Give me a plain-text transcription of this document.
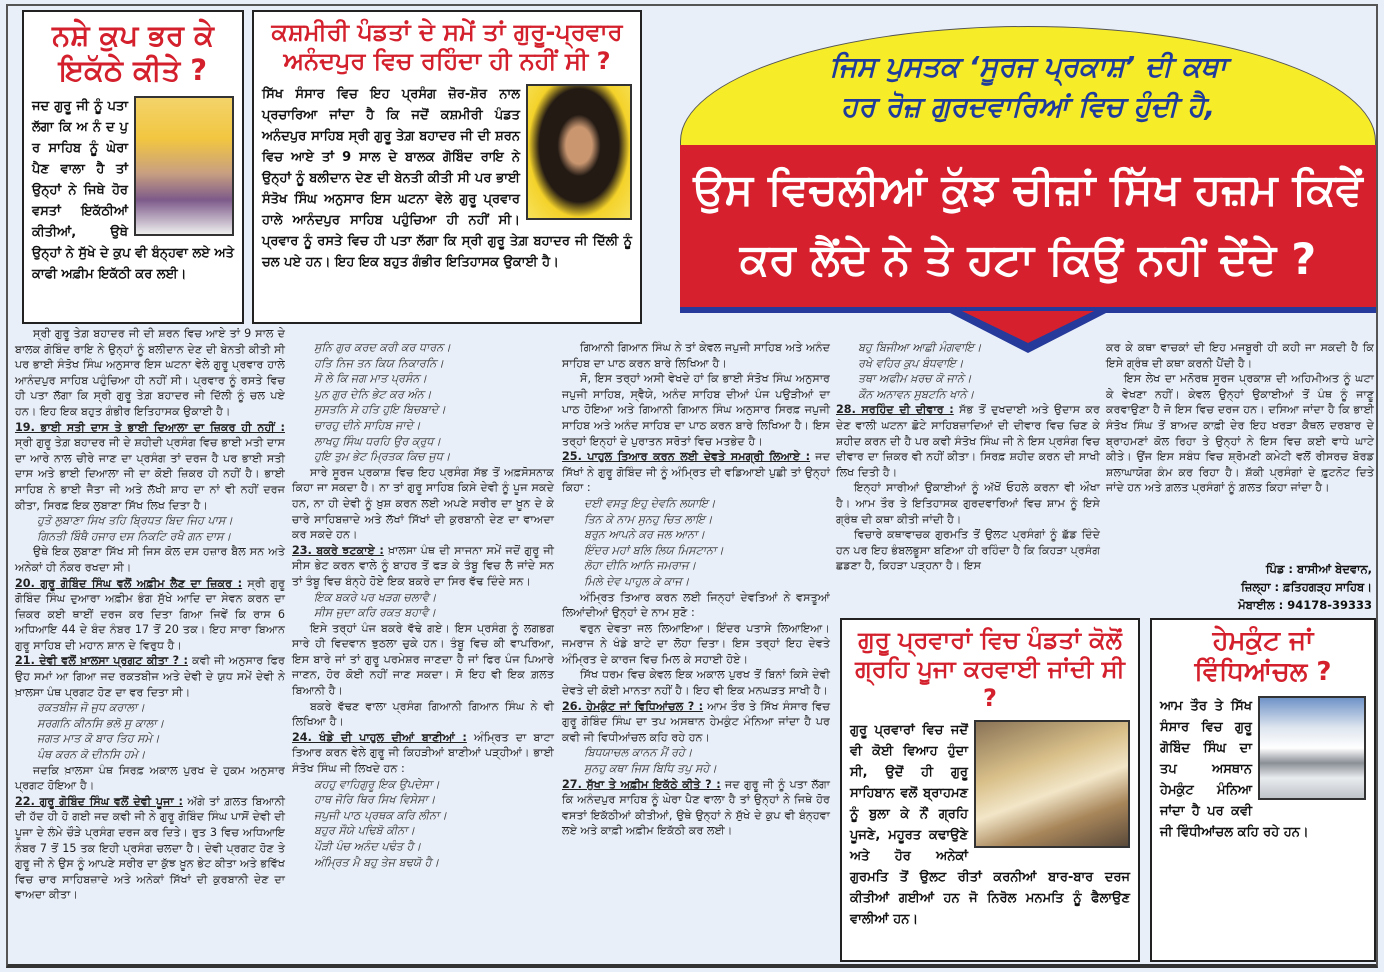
ਨਸ਼ੇ ਕੁਪ ਭਰ ਕੇ ਇਕੱਠੇ ਕੀਤੇ ?

ਜਦ ਗੁਰੂ ਜੀ ਨੂੰ ਪਤਾ ਲੱਗਾ ਕਿ ਅ ਨੰ ਦ ਪੁ ਰ ਸਾਹਿਬ ਨੂੰ ਘੇਰਾ ਪੈਣ ਵਾਲਾ ਹੈ ਤਾਂ ਉਨ੍ਹਾਂ ਨੇ ਜਿਥੇ ਹੋਰ ਵਸਤਾਂ ਇਕੱਠੀਆਂ ਕੀਤੀਆਂ, ਉਥੇ ਉਨ੍ਹਾਂ ਨੇ ਸੁੱਖੇ ਦੇ ਕੁਪ ਵੀ ਬੰਨ੍ਹਵਾ ਲਏ ਅਤੇ ਕਾਫੀ ਅਫ਼ੀਮ ਇਕੱਠੀ ਕਰ ਲਈ।

ਕਸ਼ਮੀਰੀ ਪੰਡਤਾਂ ਦੇ ਸਮੇਂ ਤਾਂ ਗੁਰੂ-ਪ੍ਰਵਾਰ ਅਨੰਦਪੁਰ ਵਿਚ ਰਹਿੰਦਾ ਹੀ ਨਹੀਂ ਸੀ ?

ਸਿੱਖ ਸੰਸਾਰ ਵਿਚ ਇਹ ਪ੍ਰਸੰਗ ਜ਼ੋਰ-ਸ਼ੋਰ ਨਾਲ ਪ੍ਰਚਾਰਿਆ ਜਾਂਦਾ ਹੈ ਕਿ ਜਦੋਂ ਕਸ਼ਮੀਰੀ ਪੰਡਤ ਅਨੰਦਪੁਰ ਸਾਹਿਬ ਸ੍ਰੀ ਗੁਰੂ ਤੇਗ਼ ਬਹਾਦਰ ਜੀ ਦੀ ਸ਼ਰਨ ਵਿਚ ਆਏ ਤਾਂ 9 ਸਾਲ ਦੇ ਬਾਲਕ ਗੋਬਿੰਦ ਰਾਇ ਨੇ ਉਨ੍ਹਾਂ ਨੂੰ ਬਲੀਦਾਨ ਦੇਣ ਦੀ ਬੇਨਤੀ ਕੀਤੀ ਸੀ ਪਰ ਭਾਈ ਸੰਤੋਖ ਸਿੰਘ ਅਨੁਸਾਰ ਇਸ ਘਟਨਾ ਵੇਲੇ ਗੁਰੂ ਪ੍ਰਵਾਰ ਹਾਲੇ ਆਨੰਦਪੁਰ ਸਾਹਿਬ ਪਹੁੰਚਿਆ ਹੀ ਨਹੀਂ ਸੀ। ਪ੍ਰਵਾਰ ਨੂੰ ਰਸਤੇ ਵਿਚ ਹੀ ਪਤਾ ਲੱਗਾ ਕਿ ਸ੍ਰੀ ਗੁਰੂ ਤੇਗ਼ ਬਹਾਦਰ ਜੀ ਦਿੱਲੀ ਨੂੰ ਚਲ ਪਏ ਹਨ। ਇਹ ਇਕ ਬਹੁਤ ਗੰਭੀਰ ਇਤਿਹਾਸਕ ਉਕਾਈ ਹੈ।

ਜਿਸ ਪੁਸਤਕ ‘ਸੂਰਜ ਪ੍ਰਕਾਸ਼’ ਦੀ ਕਥਾ
ਹਰ ਰੋਜ਼ ਗੁਰਦਵਾਰਿਆਂ ਵਿਚ ਹੁੰਦੀ ਹੈ,
ਉਸ ਵਿਚਲੀਆਂ ਕੁੱਝ ਚੀਜ਼ਾਂ ਸਿੱਖ ਹਜ਼ਮ ਕਿਵੇਂ
ਕਰ ਲੈਂਦੇ ਨੇ ਤੇ ਹਟਾ ਕਿਉਂ ਨਹੀਂ ਦੇਂਦੇ ?
ਸ੍ਰੀ ਗੁਰੂ ਤੇਗ਼ ਬਹਾਦਰ ਜੀ ਦੀ ਸ਼ਰਨ ਵਿਚ ਆਏ ਤਾਂ 9 ਸਾਲ ਦੇ ਬਾਲਕ ਗੋਬਿੰਦ ਰਾਇ ਨੇ ਉਨ੍ਹਾਂ ਨੂੰ ਬਲੀਦਾਨ ਦੇਣ ਦੀ ਬੇਨਤੀ ਕੀਤੀ ਸੀ ਪਰ ਭਾਈ ਸੰਤੋਖ ਸਿੰਘ ਅਨੁਸਾਰ ਇਸ ਘਟਨਾ ਵੇਲੇ ਗੁਰੂ ਪ੍ਰਵਾਰ ਹਾਲੇ ਆਨੰਦਪੁਰ ਸਾਹਿਬ ਪਹੁੰਚਿਆ ਹੀ ਨਹੀਂ ਸੀ। ਪ੍ਰਵਾਰ ਨੂੰ ਰਸਤੇ ਵਿਚ ਹੀ ਪਤਾ ਲੱਗਾ ਕਿ ਸ੍ਰੀ ਗੁਰੂ ਤੇਗ਼ ਬਹਾਦਰ ਜੀ ਦਿੱਲੀ ਨੂੰ ਚਲ ਪਏ ਹਨ। ਇਹ ਇਕ ਬਹੁਤ ਗੰਭੀਰ ਇਤਿਹਾਸਕ ਉਕਾਈ ਹੈ।
19. ਭਾਈ ਸਤੀ ਦਾਸ ਤੇ ਭਾਈ ਦਿਆਲਾ ਦਾ ਜ਼ਿਕਰ ਹੀ ਨਹੀਂ : ਸ੍ਰੀ ਗੁਰੂ ਤੇਗ਼ ਬਹਾਦਰ ਜੀ ਦੇ ਸ਼ਹੀਦੀ ਪ੍ਰਸੰਗ ਵਿਚ ਭਾਈ ਮਤੀ ਦਾਸ ਦਾ ਆਰੇ ਨਾਲ ਚੀਰੇ ਜਾਣ ਦਾ ਪ੍ਰਸੰਗ ਤਾਂ ਦਰਜ ਹੈ ਪਰ ਭਾਈ ਸਤੀ ਦਾਸ ਅਤੇ ਭਾਈ ਦਿਆਲਾ ਜੀ ਦਾ ਕੋਈ ਜ਼ਿਕਰ ਹੀ ਨਹੀਂ ਹੈ। ਭਾਈ ਸਾਹਿਬ ਨੇ ਭਾਈ ਜੈਤਾ ਜੀ ਅਤੇ ਲੱਖੀ ਸ਼ਾਹ ਦਾ ਨਾਂ ਵੀ ਨਹੀਂ ਦਰਜ ਕੀਤਾ, ਸਿਰਫ਼ ਇਕ ਲੁਬਾਣਾ ਸਿੱਖ ਲਿਖ ਦਿਤਾ ਹੈ।
ਹੁਤੋ ਲੁਬਾਣਾ ਸਿਖ ਤਹਿ ਬ੍ਰਿਧਤ ਬਿਦ ਜਿਹ ਪਾਸ।
ਗਿਨਤੀ ਬਿੰਥੈ ਹਜਾਰ ਦਸ ਨਿਕਟਿ ਰਖੈ ਗਨ ਦਾਸ।
ਉਥੇ ਇਕ ਲੁਬਾਣਾ ਸਿੱਖ ਸੀ ਜਿਸ ਕੋਲ ਦਸ ਹਜ਼ਾਰ ਬੈਲ ਸਨ ਅਤੇ ਅਨੇਕਾਂ ਹੀ ਨੌਕਰ ਰਖਦਾ ਸੀ।
20. ਗੁਰੂ ਗੋਬਿੰਦ ਸਿੰਘ ਵਲੋਂ ਅਫ਼ੀਮ ਲੈਣ ਦਾ ਜ਼ਿਕਰ : ਸ੍ਰੀ ਗੁਰੂ ਗੋਬਿੰਦ ਸਿੰਘ ਦੁਆਰਾ ਅਫ਼ੀਮ ਭੰਗ ਸੁੱਖੇ ਆਦਿ ਦਾ ਸੇਵਨ ਕਰਨ ਦਾ ਜ਼ਿਕਰ ਕਈ ਥਾਈਂ ਦਰਜ ਕਰ ਦਿਤਾ ਗਿਆ ਜਿਵੇਂ ਕਿ ਰਾਸ 6 ਅਧਿਆਇ 44 ਦੇ ਬੰਦ ਨੰਬਰ 17 ਤੋਂ 20 ਤਕ। ਇਹ ਸਾਰਾ ਬਿਆਨ ਗੁਰੂ ਸਾਹਿਬ ਦੀ ਮਹਾਨ ਸ਼ਾਨ ਦੇ ਵਿਰੁਧ ਹੈ।
21. ਦੇਵੀ ਵਲੋਂ ਖ਼ਾਲਸਾ ਪ੍ਰਗਟ ਕੀਤਾ ? : ਕਵੀ ਜੀ ਅਨੁਸਾਰ ਫਿਰ ਉਹ ਸਮਾਂ ਆ ਗਿਆ ਜਦ ਰਕਤਬੀਜ ਅਤੇ ਦੇਵੀ ਦੇ ਯੁਧ ਸਮੇਂ ਦੇਵੀ ਨੇ ਖ਼ਾਲਸਾ ਪੰਥ ਪ੍ਰਗਟ ਹੋਣ ਦਾ ਵਰ ਦਿਤਾ ਸੀ।
ਰਕਤਬੀਜ ਜੋ ਜੁਧ ਕਰਾਲਾ।
ਸਰਗਨਿ ਕੀਨਸਿ ਭਲੋ ਸੁ ਕਾਲਾ।
ਜਗਤ ਮਾਤ ਕੋ ਬਾਰ ਤਿਹ ਸਮੇ।
ਪੰਥ ਕਰਨ ਕੋ ਦੀਨਸਿ ਹਮੇ।
ਜਦਕਿ ਖ਼ਾਲਸਾ ਪੰਥ ਸਿਰਫ਼ ਅਕਾਲ ਪੁਰਖ ਦੇ ਹੁਕਮ ਅਨੁਸਾਰ ਪ੍ਰਗਟ ਹੋਇਆ ਹੈ।
22. ਗੁਰੂ ਗੋਬਿੰਦ ਸਿੰਘ ਵਲੋਂ ਦੇਵੀ ਪੂਜਾ : ਅੱਗੇ ਤਾਂ ਗ਼ਲਤ ਬਿਆਨੀ ਦੀ ਹੱਦ ਹੀ ਹੋ ਗਈ ਜਦ ਕਵੀ ਜੀ ਨੇ ਗੁਰੂ ਗੋਬਿੰਦ ਸਿੰਘ ਪਾਸੋਂ ਦੇਵੀ ਦੀ ਪੂਜਾ ਦੇ ਲੰਮੇ ਚੌੜੇ ਪ੍ਰਸੰਗ ਦਰਜ ਕਰ ਦਿਤੇ। ਰੁਤ 3 ਵਿਚ ਅਧਿਆਇ ਨੰਬਰ 7 ਤੋਂ 15 ਤਕ ਇਹੀ ਪ੍ਰਸੰਗ ਚਲਦਾ ਹੈ। ਦੇਵੀ ਪ੍ਰਗਟ ਹੋਣ ਤੇ ਗੁਰੂ ਜੀ ਨੇ ਉਸ ਨੂੰ ਆਪਣੇ ਸਰੀਰ ਦਾ ਕੁੱਝ ਖ਼ੂਨ ਭੇਟ ਕੀਤਾ ਅਤੇ ਭਵਿੱਖ ਵਿਚ ਚਾਰ ਸਾਹਿਬਜ਼ਾਦੇ ਅਤੇ ਅਨੇਕਾਂ ਸਿੱਖਾਂ ਦੀ ਕੁਰਬਾਨੀ ਦੇਣ ਦਾ ਵਾਅਦਾ ਕੀਤਾ।
ਸੁਨਿ ਗੁਰ ਕਰਦ ਕਰੀ ਕਰ ਧਾਰਨ।
ਹਤਿ ਨਿਜ ਤਨ ਕਿਯ ਨਿਕਾਰਨਿ।
ਸੋ ਲੇ ਕਿ ਜਗ ਮਾਤ ਪ੍ਰਸੰਨ।
ਪੁਨ ਗੁਰ ਦੇਨਿ ਭੇਟ ਕਰ ਅੰਨ।
ਸੁਸਤਨਿ ਸੇ ਹਤਿ ਹੁਇ ਬਿਚਬਾਦੇ।
ਚਾਰਹੁ ਦੀਨੇ ਸਾਹਿਬ ਜਾਦੇ।
ਲਾਖਹੁ ਸਿੰਘ ਧਰਹਿ ਉਰ ਕ੍ਰੁਧ।
ਹੁਇ ਤੁਮ ਭੇਟ ਮ੍ਰਿਤਕ ਕਿਚ ਜੁਧ।
ਸਾਰੇ ਸੂਰਜ ਪ੍ਰਕਾਸ਼ ਵਿਚ ਇਹ ਪ੍ਰਸੰਗ ਸੱਭ ਤੋਂ ਅਫ਼ਸੋਸਨਾਕ ਕਿਹਾ ਜਾ ਸਕਦਾ ਹੈ। ਨਾ ਤਾਂ ਗੁਰੂ ਸਾਹਿਬ ਕਿਸੇ ਦੇਵੀ ਨੂੰ ਪੂਜ ਸਕਦੇ ਹਨ, ਨਾ ਹੀ ਦੇਵੀ ਨੂੰ ਖ਼ੁਸ਼ ਕਰਨ ਲਈ ਅਪਣੇ ਸਰੀਰ ਦਾ ਖ਼ੂਨ ਦੇ ਕੇ ਚਾਰੇ ਸਾਹਿਬਜ਼ਾਦੇ ਅਤੇ ਲੱਖਾਂ ਸਿੱਖਾਂ ਦੀ ਕੁਰਬਾਨੀ ਦੇਣ ਦਾ ਵਾਅਦਾ ਕਰ ਸਕਦੇ ਹਨ।
23. ਬਕਰੇ ਝਟਕਾਏ : ਖ਼ਾਲਸਾ ਪੰਥ ਦੀ ਸਾਜਨਾ ਸਮੇਂ ਜਦੋਂ ਗੁਰੂ ਜੀ ਸੀਸ ਭੇਟ ਕਰਨ ਵਾਲੇ ਨੂੰ ਬਾਹਰ ਤੋਂ ਫੜ ਕੇ ਤੰਬੂ ਵਿਚ ਲੈ ਜਾਂਦੇ ਸਨ ਤਾਂ ਤੰਬੂ ਵਿਚ ਬੰਨ੍ਹੇ ਹੋਏ ਇਕ ਬਕਰੇ ਦਾ ਸਿਰ ਵੱਢ ਦਿੰਦੇ ਸਨ।
ਇਕ ਬਕਰੇ ਪਰ ਖੜਗ ਚਲਾਵੈ।
ਸੀਸ ਜੁਦਾ ਕਰਿ ਰਕਤ ਬਹਾਵੈ।
ਇਸੇ ਤਰ੍ਹਾਂ ਪੰਜ ਬਕਰੇ ਵੱਢੇ ਗਏ। ਇਸ ਪ੍ਰਸੰਗ ਨੂੰ ਲਗਭਗ ਸਾਰੇ ਹੀ ਵਿਦਵਾਨ ਝੁਠਲਾ ਚੁਕੇ ਹਨ। ਤੰਬੂ ਵਿਚ ਕੀ ਵਾਪਰਿਆ, ਇਸ ਬਾਰੇ ਜਾਂ ਤਾਂ ਗੁਰੂ ਪਰਮੇਸ਼ਰ ਜਾਣਦਾ ਹੈ ਜਾਂ ਫਿਰ ਪੰਜ ਪਿਆਰੇ ਜਾਣਨ, ਹੋਰ ਕੋਈ ਨਹੀਂ ਜਾਣ ਸਕਦਾ। ਸੋ ਇਹ ਵੀ ਇਕ ਗ਼ਲਤ ਬਿਆਨੀ ਹੈ।
ਬਕਰੇ ਵੱਢਣ ਵਾਲਾ ਪ੍ਰਸੰਗ ਗਿਆਨੀ ਗਿਆਨ ਸਿੰਘ ਨੇ ਵੀ ਲਿਖਿਆ ਹੈ।
24. ਖੰਡੇ ਦੀ ਪਾਹੁਲ ਦੀਆਂ ਬਾਣੀਆਂ : ਅੰਮ੍ਰਿਤ ਦਾ ਬਾਟਾ ਤਿਆਰ ਕਰਨ ਵੇਲੇ ਗੁਰੂ ਜੀ ਕਿਹੜੀਆਂ ਬਾਣੀਆਂ ਪੜ੍ਹੀਆਂ। ਭਾਈ ਸੰਤੋਖ ਸਿੰਘ ਜੀ ਲਿਖਦੇ ਹਨ :
ਕਹਹੁ ਵਾਹਿਗੁਰੂ ਇਕ ਉਪਦੇਸਾ।
ਹਾਥ ਜੋਰਿ ਥਿਰ ਸਿਖ ਵਿਸੇਸਾ।
ਜਪੁਜੀ ਪਾਠ ਪ੍ਰਥਕ ਕਰਿ ਲੀਨਾ।
ਬਹੁਰ ਸੌਯੇ ਪਢਿਬੋ ਕੀਨਾ।
ਪੌੜੀ ਪੰਚ ਅਨੰਦ ਪਢੰਤ ਹੈ।
ਅੰਮ੍ਰਿਤ ਮੈ ਬਹੁ ਤੇਜ ਬਢਯੋ ਹੈ।
ਗਿਆਨੀ ਗਿਆਨ ਸਿੰਘ ਨੇ ਤਾਂ ਕੇਵਲ ਜਪੁਜੀ ਸਾਹਿਬ ਅਤੇ ਅਨੰਦ ਸਾਹਿਬ ਦਾ ਪਾਠ ਕਰਨ ਬਾਰੇ ਲਿਖਿਆ ਹੈ।
ਸੋ, ਇਸ ਤਰ੍ਹਾਂ ਅਸੀ ਵੇਖਦੇ ਹਾਂ ਕਿ ਭਾਈ ਸੰਤੋਖ ਸਿੰਘ ਅਨੁਸਾਰ ਜਪੁਜੀ ਸਾਹਿਬ, ਸ੍ਵੈਯੇ, ਅਨੰਦ ਸਾਹਿਬ ਦੀਆਂ ਪੰਜ ਪਉੜੀਆਂ ਦਾ ਪਾਠ ਹੋਇਆ ਅਤੇ ਗਿਆਨੀ ਗਿਆਨ ਸਿੰਘ ਅਨੁਸਾਰ ਸਿਰਫ਼ ਜਪੁਜੀ ਸਾਹਿਬ ਅਤੇ ਅਨੰਦ ਸਾਹਿਬ ਦਾ ਪਾਠ ਕਰਨ ਬਾਰੇ ਲਿਖਿਆ ਹੈ। ਇਸ ਤਰ੍ਹਾਂ ਇਨ੍ਹਾਂ ਦੇ ਪੁਰਾਤਨ ਸਰੋਤਾਂ ਵਿਚ ਮਤਭੇਦ ਹੈ।
25. ਪਾਹੁਲ ਤਿਆਰ ਕਰਨ ਲਈ ਦੇਵਤੇ ਸਮਗ੍ਰੀ ਲਿਆਏ : ਜਦ ਸਿੱਖਾਂ ਨੇ ਗੁਰੂ ਗੋਬਿੰਦ ਜੀ ਨੂੰ ਅੰਮ੍ਰਿਤ ਦੀ ਵਡਿਆਈ ਪੁਛੀ ਤਾਂ ਉਨ੍ਹਾਂ ਕਿਹਾ :
ਦਈ ਵਸਤੁ ਇਹੁ ਦੇਵਨਿ ਲਯਾਇ।
ਤਿਨ ਕੇ ਨਾਮ ਸੁਨਹੁ ਚਿਤ ਲਾਇ।
ਬਰੁਨ ਆਪਨੇ ਕਰ ਜਲ ਆਨਾ।
ਇੰਦਰ ਮਹਾਂ ਬਲਿ ਲਿਯ ਮਿਸਟਾਨਾ।
ਲੋਹਾ ਦੀਨਿ ਆਨਿ ਜਮਰਾਜ।
ਮਿਲੇ ਦੇਵ ਪਾਹੁਲ ਕੇ ਕਾਜ।
ਅੰਮ੍ਰਿਤ ਤਿਆਰ ਕਰਨ ਲਈ ਜਿਨ੍ਹਾਂ ਦੇਵਤਿਆਂ ਨੇ ਵਸਤੂਆਂ ਲਿਆਂਦੀਆਂ ਉਨ੍ਹਾਂ ਦੇ ਨਾਮ ਸੁਣੋ :
ਵਰੁਨ ਦੇਵਤਾ ਜਲ ਲਿਆਇਆ। ਇੰਦਰ ਪਤਾਸੇ ਲਿਆਇਆ। ਜਮਰਾਜ ਨੇ ਖੰਡੇ ਬਾਟੇ ਦਾ ਲੋਹਾ ਦਿਤਾ। ਇਸ ਤਰ੍ਹਾਂ ਇਹ ਦੇਵਤੇ ਅੰਮ੍ਰਿਤ ਦੇ ਕਾਰਜ ਵਿਚ ਮਿਲ ਕੇ ਸਹਾਈ ਹੋਏ।
ਸਿੱਖ ਧਰਮ ਵਿਚ ਕੇਵਲ ਇਕ ਅਕਾਲ ਪੁਰਖ ਤੋਂ ਬਿਨਾਂ ਕਿਸੇ ਦੇਵੀ ਦੇਵਤੇ ਦੀ ਕੋਈ ਮਾਨਤਾ ਨਹੀਂ ਹੈ। ਇਹ ਵੀ ਇਕ ਮਨਘੜਤ ਸਾਖੀ ਹੈ।
26. ਹੇਮਕੁੰਟ ਜਾਂ ਵਿਧਿਆਂਚਲ ? : ਆਮ ਤੌਰ ਤੇ ਸਿੱਖ ਸੰਸਾਰ ਵਿਚ ਗੁਰੂ ਗੋਬਿੰਦ ਸਿੰਘ ਦਾ ਤਪ ਅਸਥਾਨ ਹੇਮਕੁੰਟ ਮੰਨਿਆ ਜਾਂਦਾ ਹੈ ਪਰ ਕਵੀ ਜੀ ਵਿਧੀਆਂਚਲ ਕਹਿ ਰਹੇ ਹਨ।
ਬਿਧਯਾਚਲ ਕਾਨਨ ਮੈਂ ਰਹੇ।
ਸੁਨਹੁ ਕਥਾ ਜਿਸ ਬਿਧਿ ਤਪੁ ਸਹੇ।
27. ਸੁੱਖਾ ਤੇ ਅਫ਼ੀਮ ਇਕੱਠੇ ਕੀਤੇ ? : ਜਦ ਗੁਰੂ ਜੀ ਨੂੰ ਪਤਾ ਲੱਗਾ ਕਿ ਅਨੰਦਪੁਰ ਸਾਹਿਬ ਨੂੰ ਘੇਰਾ ਪੈਣ ਵਾਲਾ ਹੈ ਤਾਂ ਉਨ੍ਹਾਂ ਨੇ ਜਿਥੇ ਹੋਰ ਵਸਤਾਂ ਇਕੱਠੀਆਂ ਕੀਤੀਆਂ, ਉਥੇ ਉਨ੍ਹਾਂ ਨੇ ਸੁੱਖੇ ਦੇ ਕੁਪ ਵੀ ਬੰਨ੍ਹਵਾ ਲਏ ਅਤੇ ਕਾਫ਼ੀ ਅਫ਼ੀਮ ਇਕੱਠੀ ਕਰ ਲਈ।
ਬਹੁ ਬਿਜੀਆ ਆਛੀ ਮੰਗਵਾਇ।
ਰਖੇ ਵਹਿਰ ਕੁਪ ਬੰਧਵਾਇ।
ਤਥਾ ਅਫੀਮ ਖ਼ਰਚ ਕੋ ਜਾਨੇ।
ਕੌਨ ਅਨਾਵਨ ਸੁਬਟਨਿ ਖਾਨੇ।
28. ਸਰਹਿੰਦ ਦੀ ਦੀਵਾਰ : ਸੱਭ ਤੋਂ ਦੁਖਦਾਈ ਅਤੇ ਉਦਾਸ ਕਰ ਦੇਣ ਵਾਲੀ ਘਟਨਾ ਛੋਟੇ ਸਾਹਿਬਜ਼ਾਦਿਆਂ ਦੀ ਦੀਵਾਰ ਵਿਚ ਚਿਣ ਕੇ ਸ਼ਹੀਦ ਕਰਨ ਦੀ ਹੈ ਪਰ ਕਵੀ ਸੰਤੋਖ ਸਿੰਘ ਜੀ ਨੇ ਇਸ ਪ੍ਰਸੰਗ ਵਿਚ ਦੀਵਾਰ ਦਾ ਜ਼ਿਕਰ ਵੀ ਨਹੀਂ ਕੀਤਾ। ਸਿਰਫ਼ ਸ਼ਹੀਦ ਕਰਨ ਦੀ ਸਾਖੀ ਲਿਖ ਦਿਤੀ ਹੈ।
ਇਨ੍ਹਾਂ ਸਾਰੀਆਂ ਉਕਾਈਆਂ ਨੂੰ ਅੱਖੋਂ ਓਹਲੇ ਕਰਨਾ ਵੀ ਔਖਾ ਹੈ। ਆਮ ਤੌਰ ਤੇ ਇਤਿਹਾਸਕ ਗੁਰਦਵਾਰਿਆਂ ਵਿਚ ਸ਼ਾਮ ਨੂੰ ਇਸੇ ਗ੍ਰੰਥ ਦੀ ਕਥਾ ਕੀਤੀ ਜਾਂਦੀ ਹੈ।
ਵਿਚਾਰੇ ਕਥਾਵਾਚਕ ਗੁਰਮਤਿ ਤੋਂ ਉਲਟ ਪ੍ਰਸੰਗਾਂ ਨੂੰ ਛੱਡ ਦਿੰਦੇ ਹਨ ਪਰ ਇਹ ਭੰਬਲਭੂਸਾ ਬਣਿਆ ਹੀ ਰਹਿੰਦਾ ਹੈ ਕਿ ਕਿਹੜਾ ਪ੍ਰਸੰਗ ਛਡਣਾ ਹੈ, ਕਿਹੜਾ ਪੜ੍ਹਨਾ ਹੈ। ਇਸ
ਕਰ ਕੇ ਕਥਾ ਵਾਚਕਾਂ ਦੀ ਇਹ ਮਜਬੂਰੀ ਹੀ ਕਹੀ ਜਾ ਸਕਦੀ ਹੈ ਕਿ ਇਸੇ ਗ੍ਰੰਥ ਦੀ ਕਥਾ ਕਰਨੀ ਪੈਂਦੀ ਹੈ।
ਇਸ ਲੇਖ ਦਾ ਮਨੋਰਥ ਸੂਰਜ ਪ੍ਰਕਾਸ਼ ਦੀ ਅਹਿਮੀਅਤ ਨੂੰ ਘਟਾ ਕੇ ਵੇਖਣਾ ਨਹੀਂ। ਕੇਵਲ ਉਨ੍ਹਾਂ ਉਕਾਈਆਂ ਤੋਂ ਪੰਥ ਨੂੰ ਜਾਣੂ ਕਰਵਾਉਣਾ ਹੈ ਜੋ ਇਸ ਵਿਚ ਦਰਜ ਹਨ। ਦਸਿਆ ਜਾਂਦਾ ਹੈ ਕਿ ਭਾਈ ਸੰਤੋਖ ਸਿੰਘ ਤੋਂ ਬਾਅਦ ਕਾਫ਼ੀ ਦੇਰ ਇਹ ਖਰੜਾ ਕੈਥਲ ਦਰਬਾਰ ਦੇ ਬ੍ਰਾਹਮਣਾਂ ਕੋਲ ਰਿਹਾ ਤੇ ਉਨ੍ਹਾਂ ਨੇ ਇਸ ਵਿਚ ਕਈ ਵਾਧੇ ਘਾਟੇ ਕੀਤੇ। ਉਂਜ ਇਸ ਸਬੰਧ ਵਿਚ ਸ਼੍ਰੋਮਣੀ ਕਮੇਟੀ ਵਲੋਂ ਰੀਸਰਚ ਬੋਰਡ ਸ਼ਲਾਘਾਯੋਗ ਕੰਮ ਕਰ ਰਿਹਾ ਹੈ। ਸ਼ੱਕੀ ਪ੍ਰਸੰਗਾਂ ਦੇ ਫ਼ੁਟਨੋਟ ਦਿਤੇ ਜਾਂਦੇ ਹਨ ਅਤੇ ਗ਼ਲਤ ਪ੍ਰਸੰਗਾਂ ਨੂੰ ਗ਼ਲਤ ਕਿਹਾ ਜਾਂਦਾ ਹੈ।
ਪਿੰਡ : ਬਾਸੀਆਂ ਬੇਦਵਾਨ,
ਜ਼ਿਲ੍ਹਾ : ਫ਼ਤਿਹਗੜ੍ਹ ਸਾਹਿਬ।
ਮੋਬਾਈਲ : 94178-39333
ਗੁਰੂ ਪ੍ਰਵਾਰਾਂ ਵਿਚ ਪੰਡਤਾਂ ਕੋਲੋਂ ਗ੍ਰਹਿ ਪੂਜਾ ਕਰਵਾਈ ਜਾਂਦੀ ਸੀ ?

ਗੁਰੂ ਪ੍ਰਵਾਰਾਂ ਵਿਚ ਜਦੋਂ ਵੀ ਕੋਈ ਵਿਆਹ ਹੁੰਦਾ ਸੀ, ਉਦੋਂ ਹੀ ਗੁਰੂ ਸਾਹਿਬਾਨ ਵਲੋਂ ਬ੍ਰਾਹਮਣ ਨੂੰ ਬੁਲਾ ਕੇ ਨੌਂ ਗ੍ਰਹਿ ਪੂਜਣੇ, ਮਹੂਰਤ ਕਢਾਉਣੇ ਅਤੇ ਹੋਰ ਅਨੇਕਾਂ ਗੁਰਮਤਿ ਤੋਂ ਉਲਟ ਰੀਤਾਂ ਕਰਨੀਆਂ ਬਾਰ-ਬਾਰ ਦਰਜ ਕੀਤੀਆਂ ਗਈਆਂ ਹਨ ਜੋ ਨਿਰੋਲ ਮਨਮਤਿ ਨੂੰ ਫੈਲਾਉਣ ਵਾਲੀਆਂ ਹਨ।

ਹੇਮਕੁੰਟ ਜਾਂ ਵਿੰਧਿਆਂਚਲ ?

ਆਮ ਤੌਰ ਤੇ ਸਿੱਖ ਸੰਸਾਰ ਵਿਚ ਗੁਰੂ ਗੋਬਿੰਦ ਸਿੰਘ ਦਾ ਤਪ ਅਸਥਾਨ ਹੇਮਕੁੰਟ ਮੰਨਿਆ ਜਾਂਦਾ ਹੈ ਪਰ ਕਵੀ ਜੀ ਵਿੰਧੀਆਂਚਲ ਕਹਿ ਰਹੇ ਹਨ।
